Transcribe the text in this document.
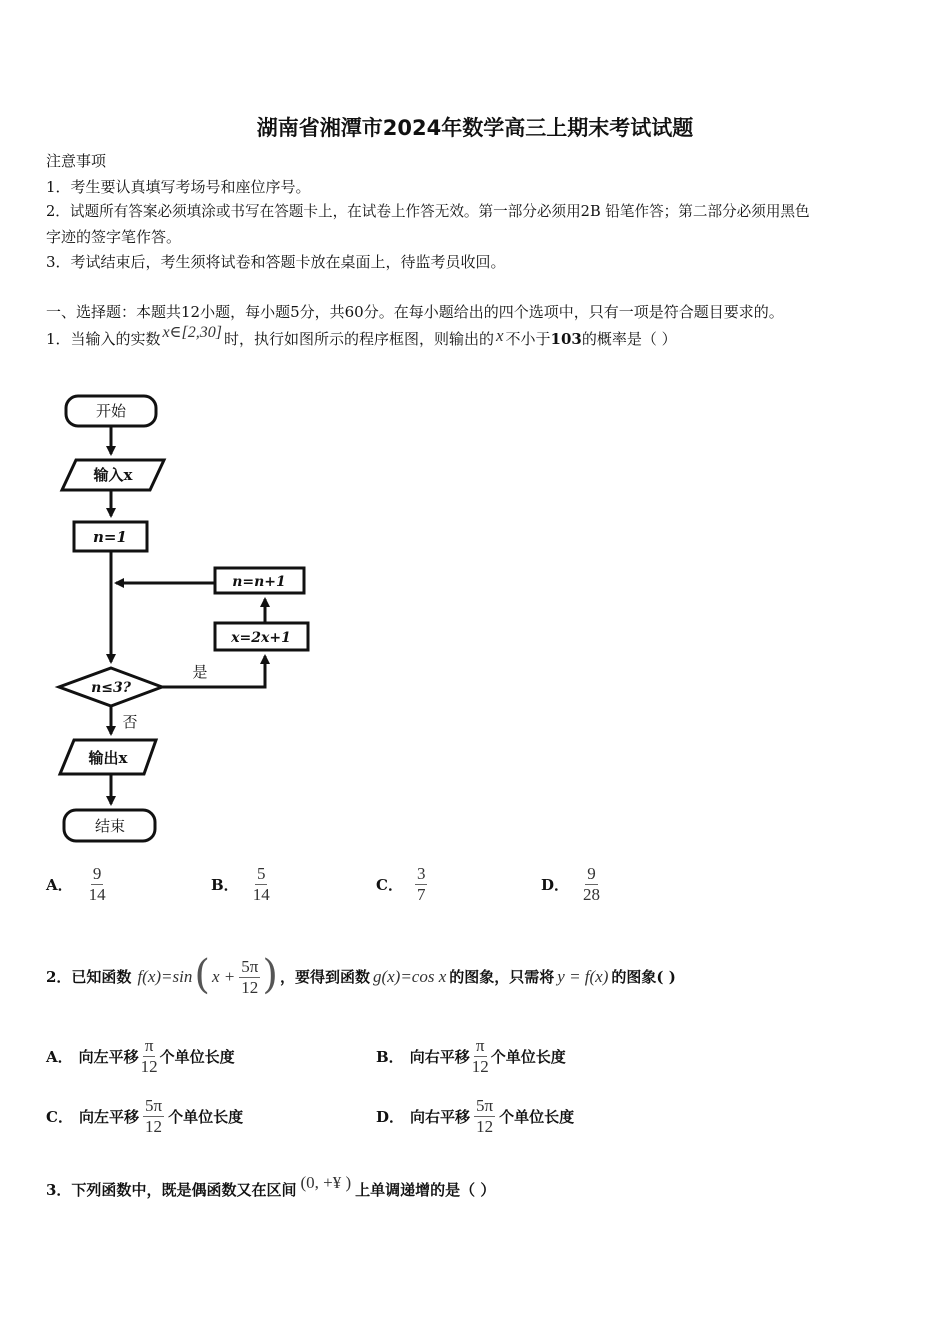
湖南省湘潭市2024年数学高三上期末考试试题
注意事项
1．考生要认真填写考场号和座位序号。
2．试题所有答案必须填涂或书写在答题卡上，在试卷上作答无效。第一部分必须用2B 铅笔作答；第二部分必须用黑色
字迹的签字笔作答。
3．考试结束后，考生须将试卷和答题卡放在桌面上，待监考员收回。
一、选择题：本题共12小题，每小题5分，共60分。在每小题给出的四个选项中，只有一项是符合题目要求的。
1．当输入的实数 x∈[2,30] 时，执行如图所示的程序框图，则输出的 x 不小于 103 的概率是（ ）
开始
输入x
n=1
n=n+1
x=2x+1
n≤3?
是
否
输出x
结束
A． $\frac{9}{14}$	B． $\frac{5}{14}$	C． $\frac{3}{7}$	D． $\frac{9}{28}$
2．已知函数 f(x)=sin ( $x + \frac{5\pi}{12}$ ) ，要得到函数 g(x)=cos x 的图象，只需将 y = f(x) 的图象( )
A． 向左平移 $\frac{\pi}{12}$ 个单位长度	B． 向右平移 $\frac{\pi}{12}$ 个单位长度
C． 向左平移 $\frac{5\pi}{12}$ 个单位长度	D． 向右平移 $\frac{5\pi}{12}$ 个单位长度
3．下列函数中，既是偶函数又在区间 (0, +¥ ) 上单调递增的是（ ）
